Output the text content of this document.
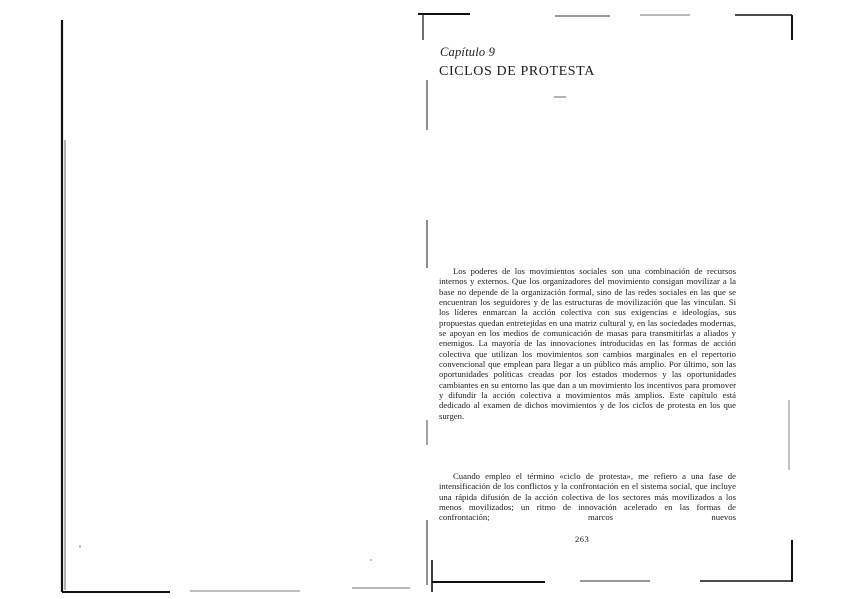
Capítulo 9
CICLOS DE PROTESTA

Los poderes de los movimientos sociales son una combinación de recursos internos y externos. Que los organizadores del movimiento consigan movilizar a la base no depende de la organización formal, sino de las redes sociales en las que se encuentran los seguidores y de las estructuras de movilización que las vinculan. Si los líderes enmarcan la acción colectiva con sus exigencias e ideologías, sus propuestas quedan entretejidas en una matriz cultural y, en las sociedades modernas, se apoyan en los medios de comunicación de masas para transmitirlas a aliados y enemigos. La mayoría de las innovaciones introducidas en las formas de acción colectiva que utilizan los movimientos son cambios marginales en el repertorio convencional que emplean para llegar a un público más amplio. Por último, son las oportunidades políticas creadas por los estados modernos y las oportunidades cambiantes en su entorno las que dan a un movimiento los incentivos para promover y difundir la acción colectiva a movimientos más amplios. Este capítulo está dedicado al examen de dichos movimientos y de los ciclos de protesta en los que surgen.

Cuando empleo el término «ciclo de protesta», me refiero a una fase de intensificación de los conflictos y la confrontación en el sistema social, que incluye una rápida difusión de la acción colectiva de los sectores más movilizados a los menos movilizados; un ritmo de innovación acelerado en las formas de confrontación; marcos nuevos

263
